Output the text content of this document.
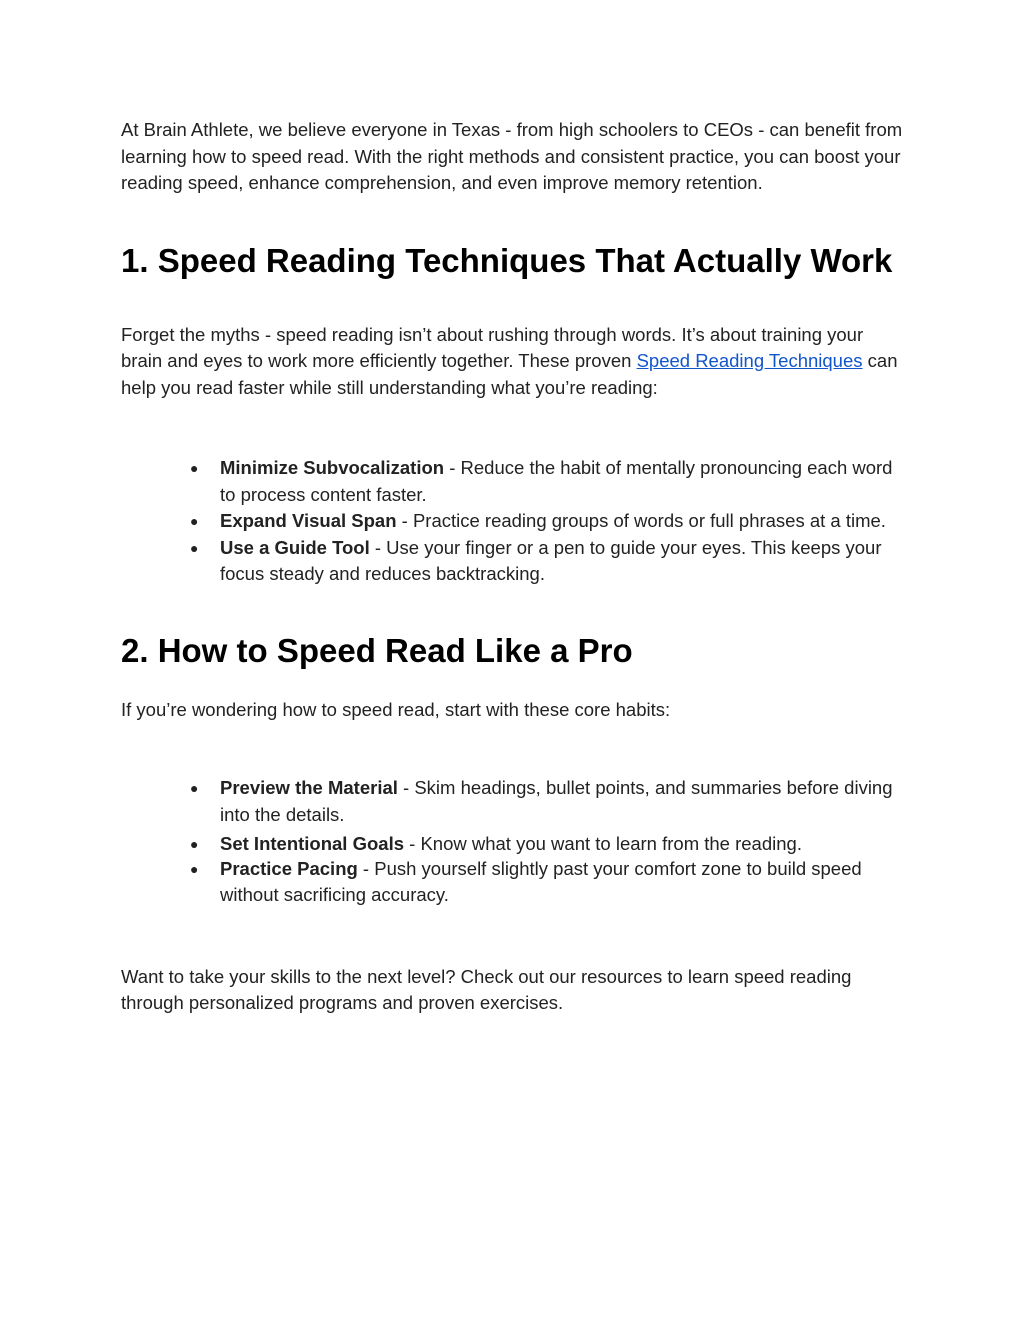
At Brain Athlete, we believe everyone in Texas - from high schoolers to CEOs - can benefit from learning how to speed read. With the right methods and consistent practice, you can boost your reading speed, enhance comprehension, and even improve memory retention.

1. Speed Reading Techniques That Actually Work

Forget the myths - speed reading isn’t about rushing through words. It’s about training your brain and eyes to work more efficiently together. These proven Speed Reading Techniques can help you read faster while still understanding what you’re reading:

● Minimize Subvocalization - Reduce the habit of mentally pronouncing each word to process content faster.
● Expand Visual Span - Practice reading groups of words or full phrases at a time.
● Use a Guide Tool - Use your finger or a pen to guide your eyes. This keeps your focus steady and reduces backtracking.
2. How to Speed Read Like a Pro

If you’re wondering how to speed read, start with these core habits:

● Preview the Material - Skim headings, bullet points, and summaries before diving into the details.
● Set Intentional Goals - Know what you want to learn from the reading.
● Practice Pacing - Push yourself slightly past your comfort zone to build speed without sacrificing accuracy.

Want to take your skills to the next level? Check out our resources to learn speed reading through personalized programs and proven exercises.
